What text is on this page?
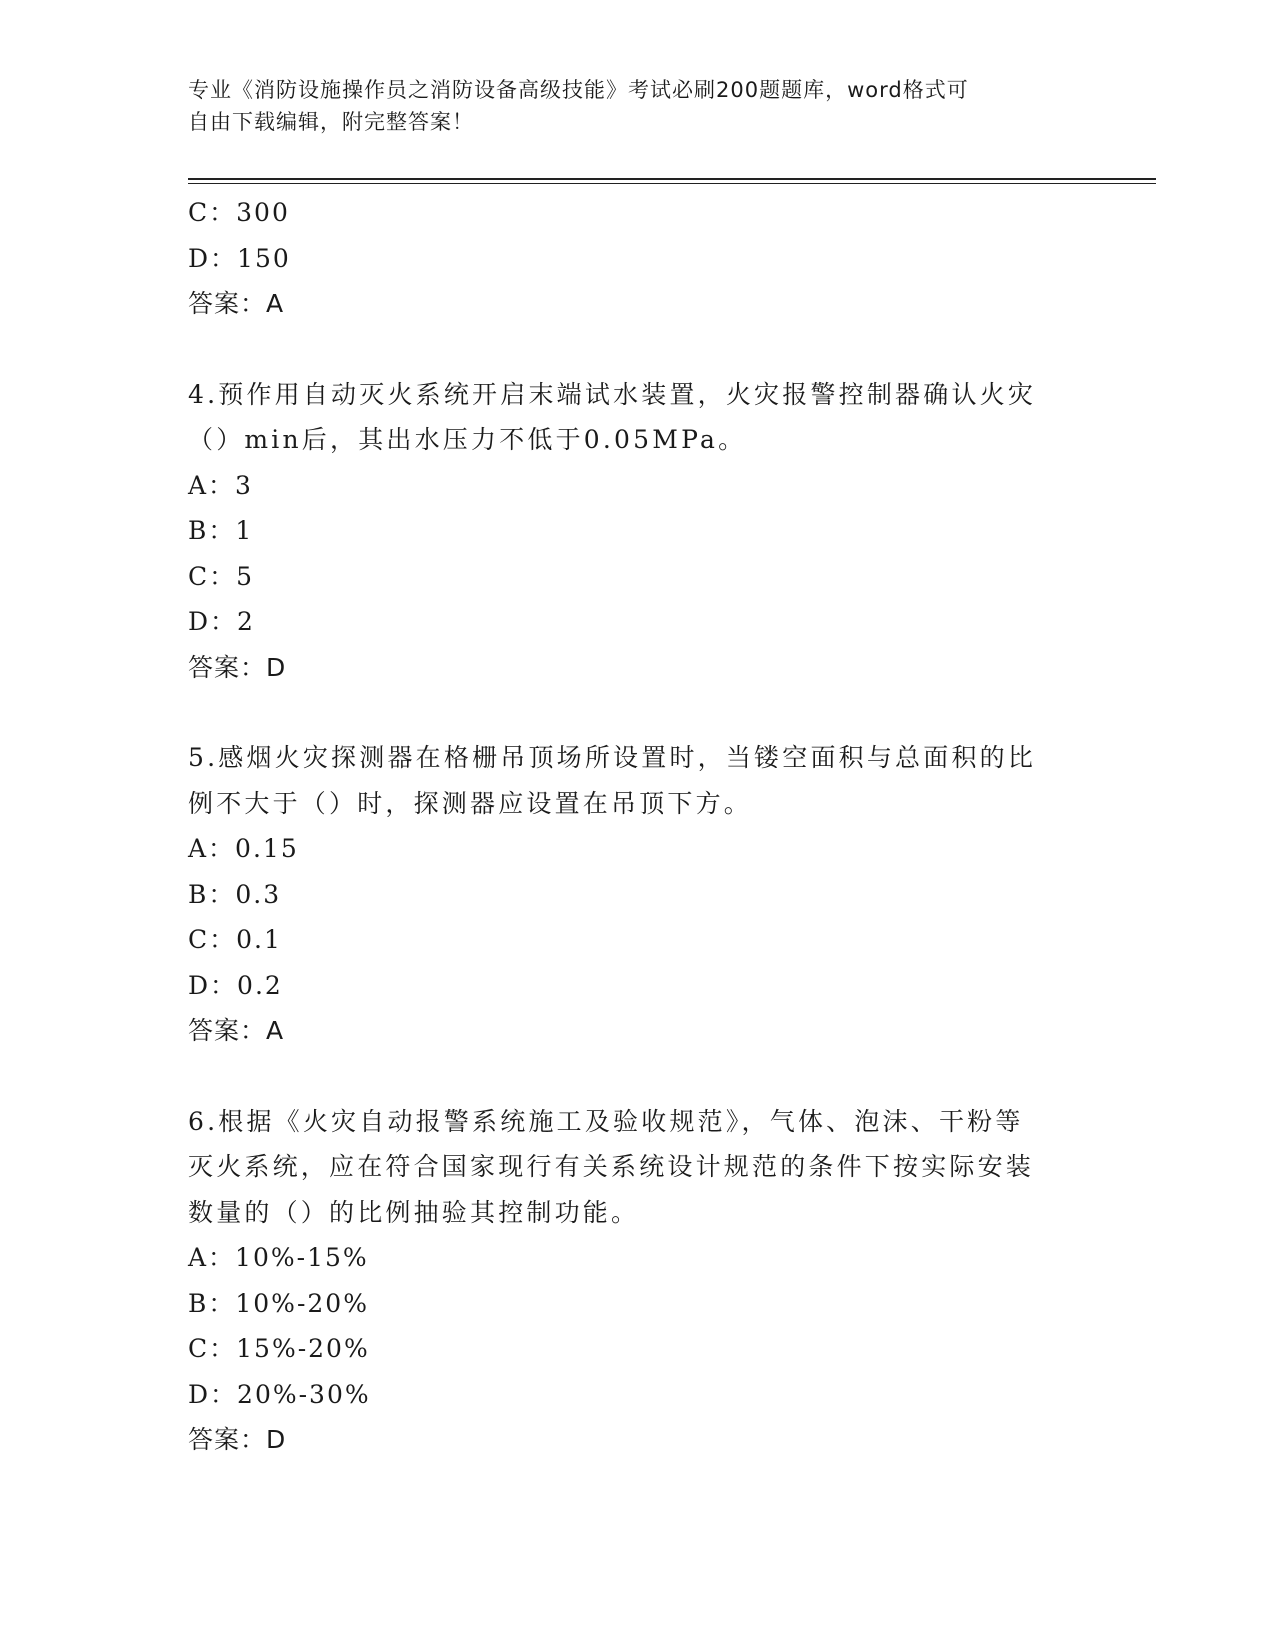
专业《消防设施操作员之消防设备高级技能》考试必刷200题题库，word格式可
自由下载编辑，附完整答案！
C：300
D：150
答案：A
4.预作用自动灭火系统开启末端试水装置，火灾报警控制器确认火灾
（）min后，其出水压力不低于0.05MPa。
A：3
B：1
C：5
D：2
答案：D
5.感烟火灾探测器在格栅吊顶场所设置时，当镂空面积与总面积的比
例不大于（）时，探测器应设置在吊顶下方。
A：0.15
B：0.3
C：0.1
D：0.2
答案：A
6.根据《火灾自动报警系统施工及验收规范》，气体、泡沫、干粉等
灭火系统，应在符合国家现行有关系统设计规范的条件下按实际安装
数量的（）的比例抽验其控制功能。
A：10%-15%
B：10%-20%
C：15%-20%
D：20%-30%
答案：D
